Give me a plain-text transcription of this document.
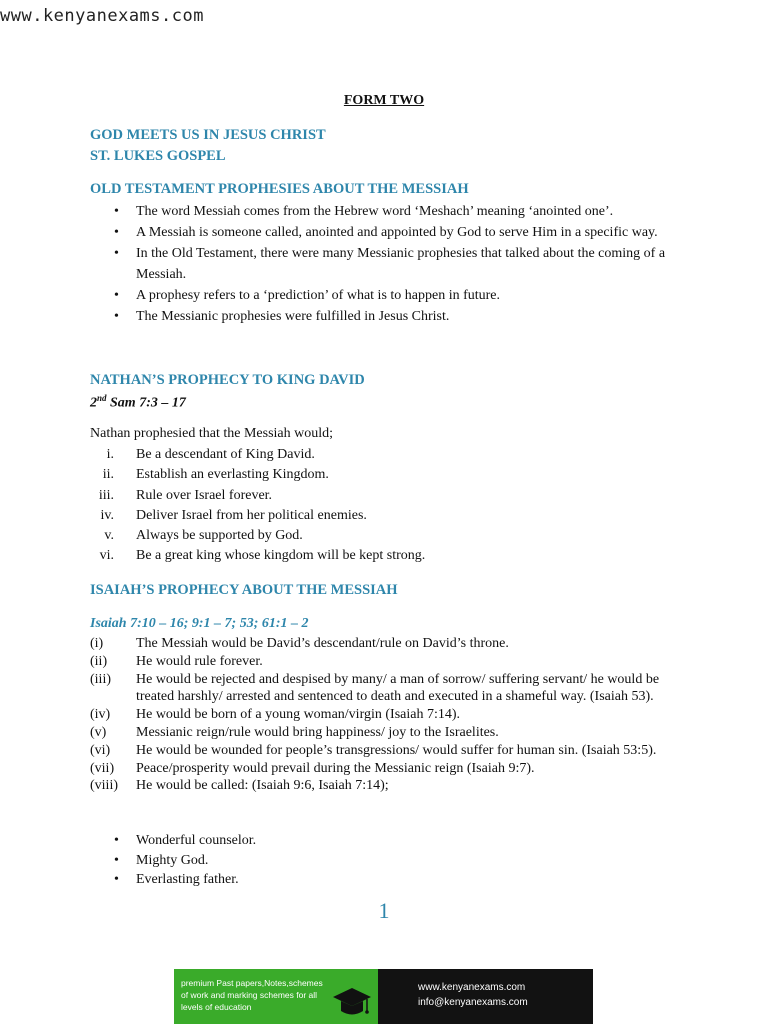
www.kenyanexams.com
FORM TWO
GOD MEETS US IN JESUS CHRIST
ST. LUKES GOSPEL
OLD TESTAMENT PROPHESIES ABOUT THE MESSIAH
• The word Messiah comes from the Hebrew word ‘Meshach’ meaning ‘anointed one’.
• A Messiah is someone called, anointed and appointed by God to serve Him in a specific way.
• In the Old Testament, there were many Messianic prophesies that talked about the coming of a Messiah.
• A prophesy refers to a ‘prediction’ of what is to happen in future.
• The Messianic prophesies were fulfilled in Jesus Christ.
NATHAN’S PROPHECY TO KING DAVID
2nd Sam 7:3 – 17
Nathan prophesied that the Messiah would;
i. Be a descendant of King David.
ii. Establish an everlasting Kingdom.
iii. Rule over Israel forever.
iv. Deliver Israel from her political enemies.
v. Always be supported by God.
vi. Be a great king whose kingdom will be kept strong.
ISAIAH’S PROPHECY ABOUT THE MESSIAH
Isaiah 7:10 – 16; 9:1 – 7; 53; 61:1 – 2
(i) The Messiah would be David’s descendant/rule on David’s throne.
(ii) He would rule forever.
(iii) He would be rejected and despised by many/ a man of sorrow/ suffering servant/ he would be treated harshly/ arrested and sentenced to death and executed in a shameful way. (Isaiah 53).
(iv) He would be born of a young woman/virgin (Isaiah 7:14).
(v) Messianic reign/rule would bring happiness/ joy to the Israelites.
(vi) He would be wounded for people’s transgressions/ would suffer for human sin. (Isaiah 53:5).
(vii) Peace/prosperity would prevail during the Messianic reign (Isaiah 9:7).
(viii) He would be called: (Isaiah 9:6, Isaiah 7:14);
• Wonderful counselor.
• Mighty God.
• Everlasting father.
1
premium Past papers,Notes,schemes of work and marking schemes for all levels of education
www.kenyanexams.com
info@kenyanexams.com
